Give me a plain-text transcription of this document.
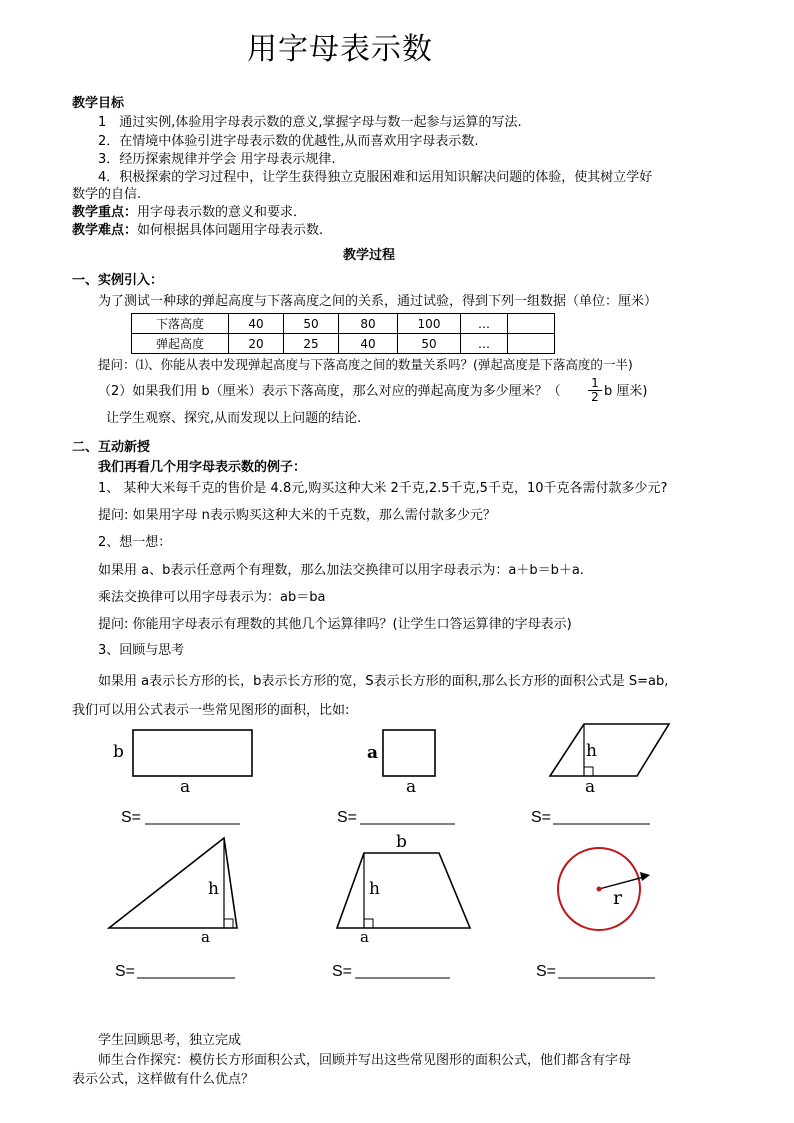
用字母表示数
教学目标
1　通过实例,体验用字母表示数的意义,掌握字母与数一起参与运算的写法.
2．在情境中体验引进字母表示数的优越性,从而喜欢用字母表示数.
3．经历探索规律并学会 用字母表示规律.
4．积极探索的学习过程中，让学生获得独立克服困难和运用知识解决问题的体验，使其树立学好
数学的自信.
教学重点：用字母表示数的意义和要求．
教学难点：如何根据具体问题用字母表示数.
教学过程
一、实例引入：
为了测试一种球的弹起高度与下落高度之间的关系，通过试验，得到下列一组数据（单位：厘米）
下落高度	40	50	80	100	…	
弹起高度	20	25	40	50	…	
提问：⑴、你能从表中发现弹起高度与下落高度之间的数量关系吗？(弹起高度是下落高度的一半)
（2）如果我们用 b（厘米）表示下落高度，那么对应的弹起高度为多少厘米？（ $\frac{1}{2}$ b 厘米)
让学生观察、探究,从而发现以上问题的结论.
二、互动新授
我们再看几个用字母表示数的例子：
1、 某种大米每千克的售价是 4.8元,购买这种大米 2千克,2.5千克,5千克，10千克各需付款多少元?
提问: 如果用字母 n表示购买这种大米的千克数，那么需付款多少元？
2、想一想：
如果用 a、b表示任意两个有理数，那么加法交换律可以用字母表示为：a＋b＝b＋a.
乘法交换律可以用字母表示为：ab＝ba
提问: 你能用字母表示有理数的其他几个运算律吗？(让学生口答运算律的字母表示)
3、回顾与思考
如果用 a表示长方形的长，b表示长方形的宽，S表示长方形的面积,那么长方形的面积公式是 S=ab,
我们可以用公式表示一些常见图形的面积，比如:
b
a
a
a
h
a
h
a
b
h
a
r
S=	S=	S=
S=	S=	S=
学生回顾思考，独立完成
师生合作探究：模仿长方形面积公式，回顾并写出这些常见图形的面积公式，他们都含有字母
表示公式，这样做有什么优点？
